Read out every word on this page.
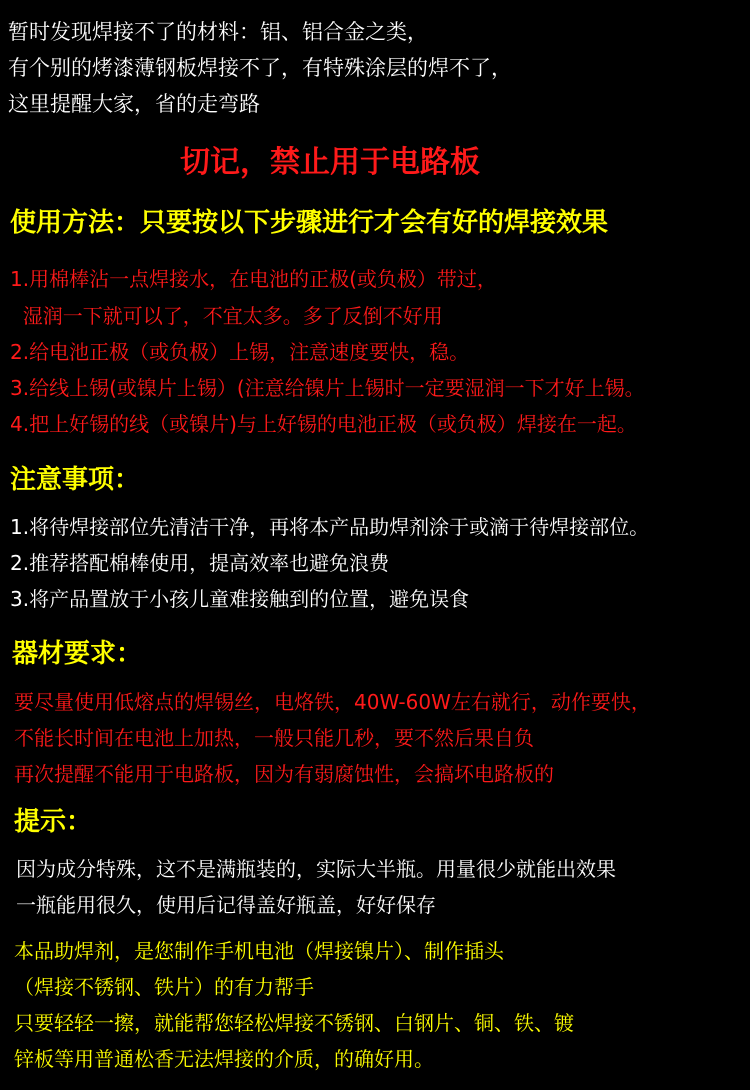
暂时发现焊接不了的材料：铝、铝合金之类，
有个别的烤漆薄钢板焊接不了，有特殊涂层的焊不了，
这里提醒大家，省的走弯路
切记，禁止用于电路板
使用方法：只要按以下步骤进行才会有好的焊接效果
1.用棉棒沾一点焊接水，在电池的正极(或负极）带过，
湿润一下就可以了，不宜太多。多了反倒不好用
2.给电池正极（或负极）上锡，注意速度要快，稳。
3.给线上锡(或镍片上锡）(注意给镍片上锡时一定要湿润一下才好上锡。
4.把上好锡的线（或镍片)与上好锡的电池正极（或负极）焊接在一起。
注意事项：
1.将待焊接部位先清洁干净，再将本产品助焊剂涂于或滴于待焊接部位。
2.推荐搭配棉棒使用，提高效率也避免浪费
3.将产品置放于小孩儿童难接触到的位置，避免误食
器材要求：
要尽量使用低熔点的焊锡丝，电烙铁，40W-60W左右就行，动作要快，
不能长时间在电池上加热，一般只能几秒，要不然后果自负
再次提醒不能用于电路板，因为有弱腐蚀性，会搞坏电路板的
提示：
因为成分特殊，这不是满瓶装的，实际大半瓶。用量很少就能出效果
一瓶能用很久，使用后记得盖好瓶盖，好好保存
本品助焊剂，是您制作手机电池（焊接镍片）、制作插头
（焊接不锈钢、铁片）的有力帮手
只要轻轻一擦，就能帮您轻松焊接不锈钢、白钢片、铜、铁、镀
锌板等用普通松香无法焊接的介质，的确好用。
